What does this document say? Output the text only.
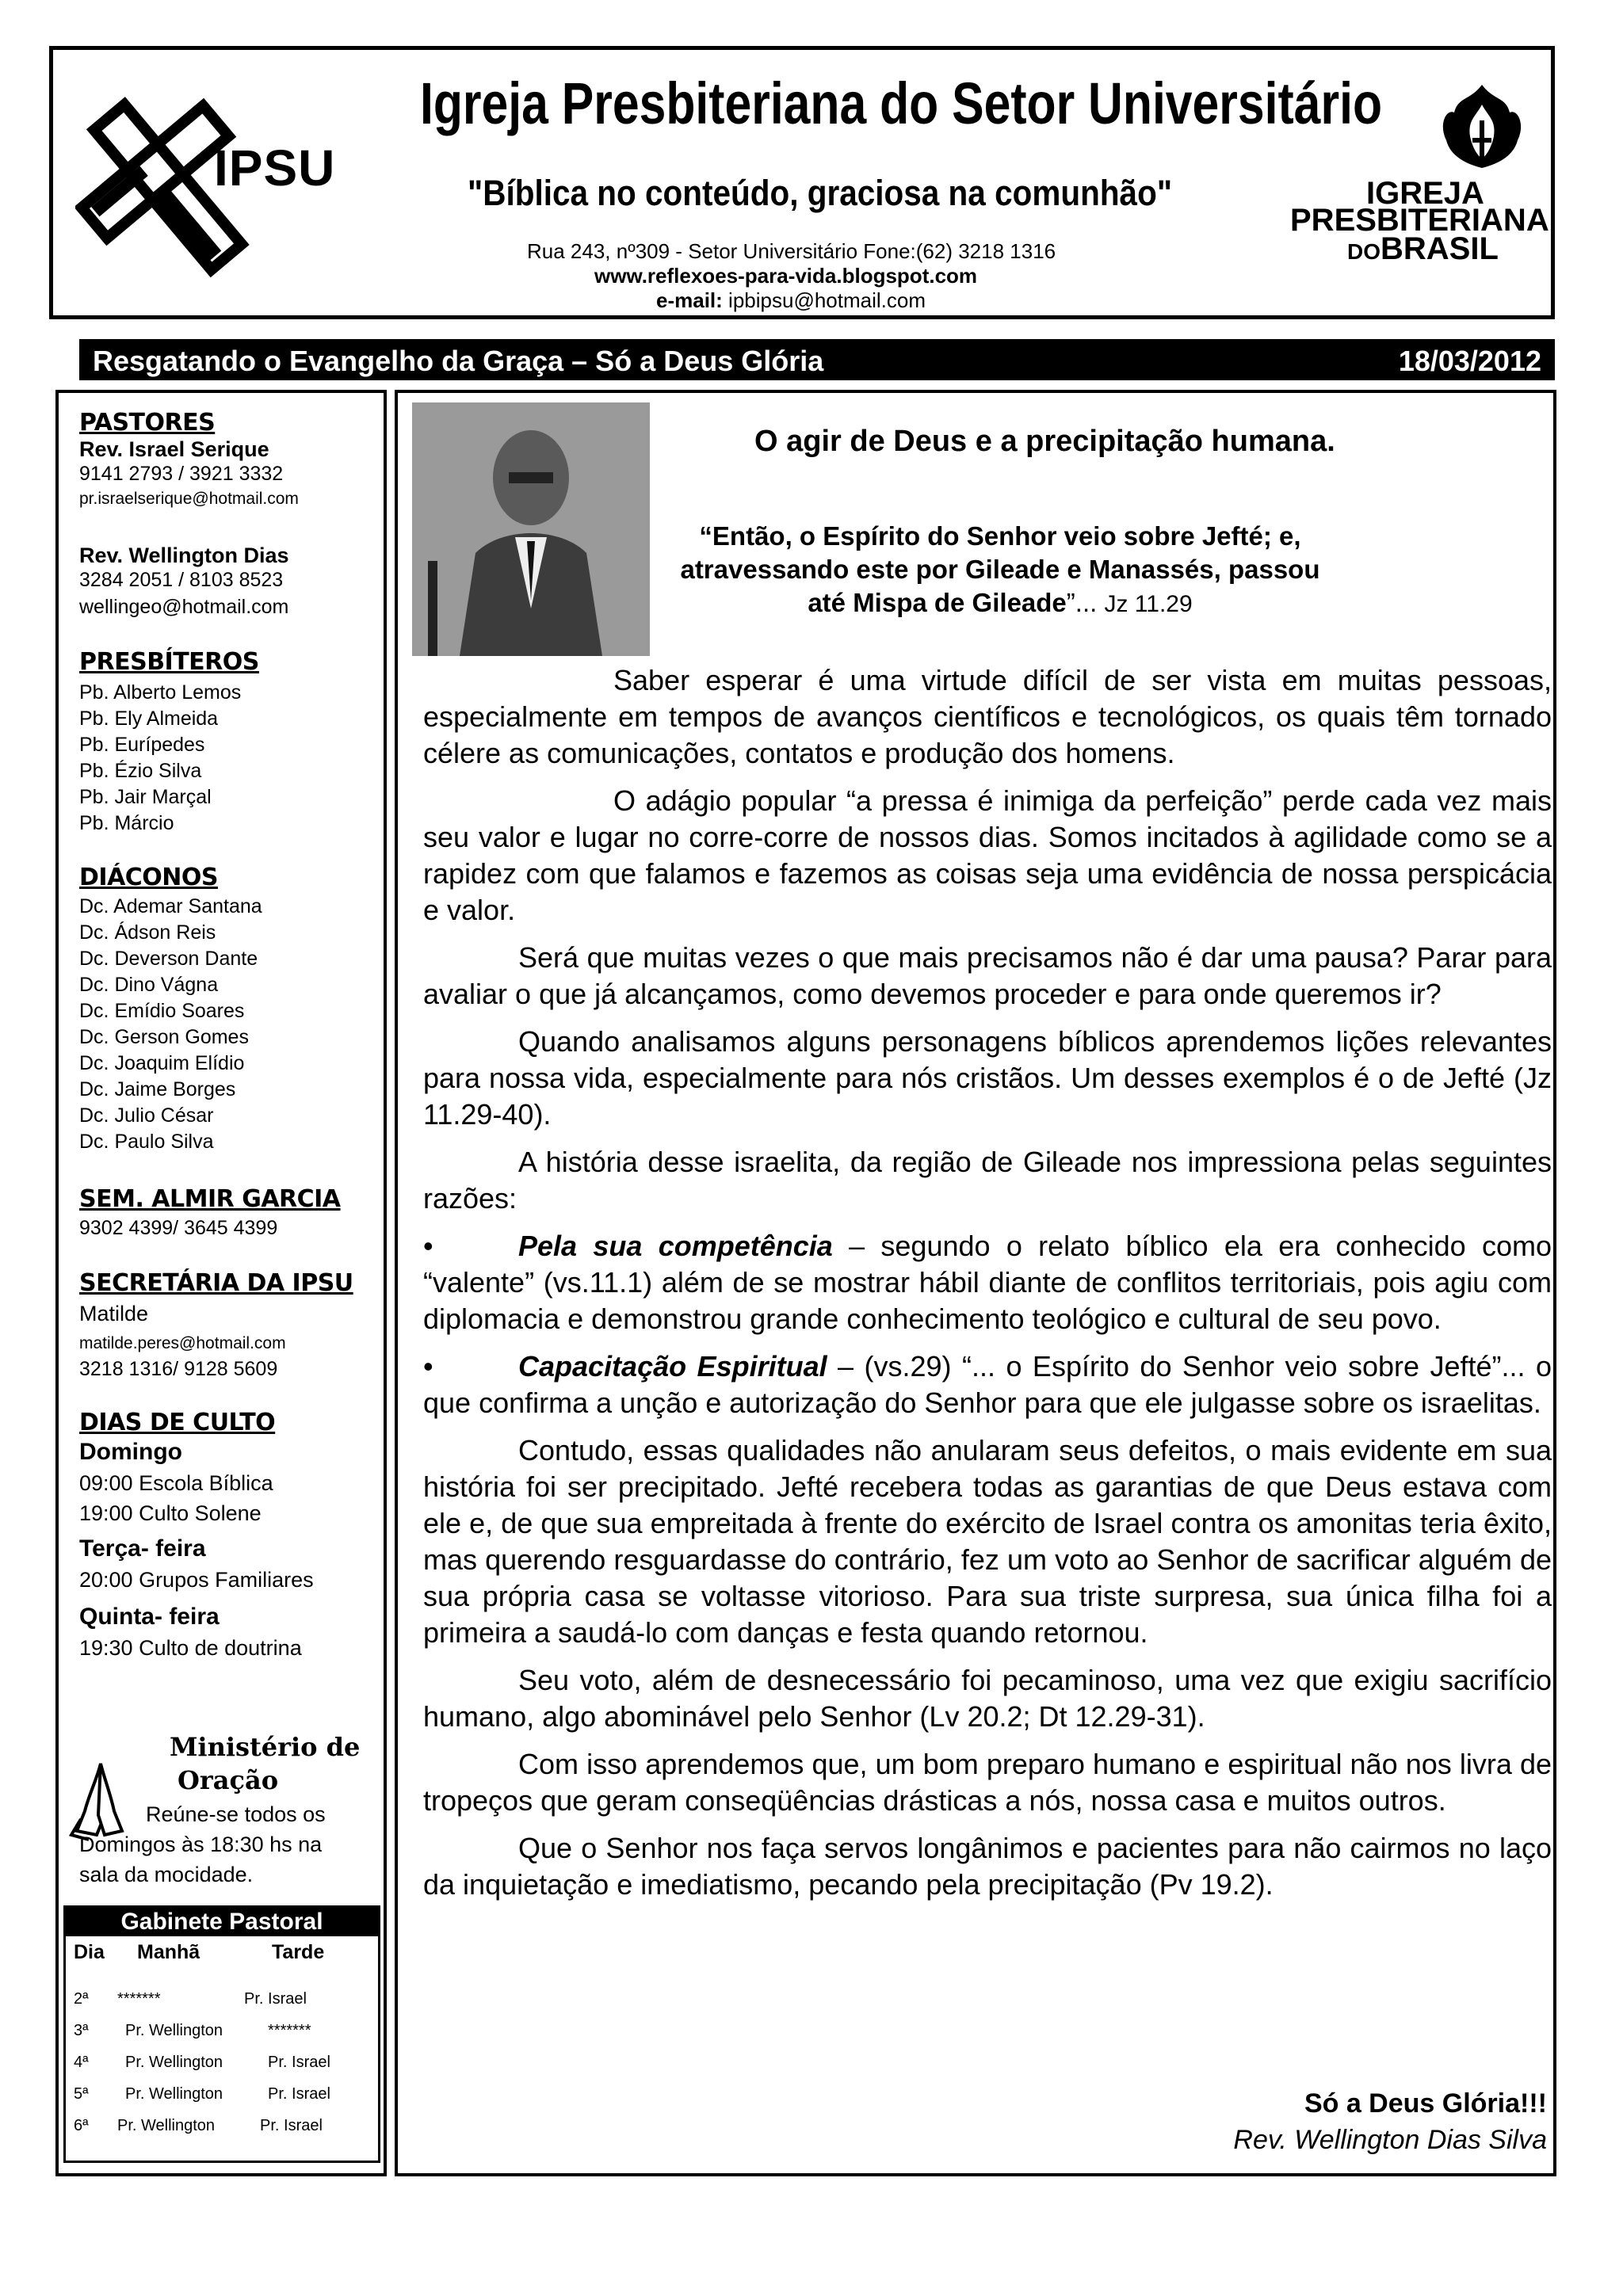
IPSU
Igreja Presbiteriana do Setor Universitário
"Bíblica no conteúdo, graciosa na comunhão"
Rua 243, nº309 - Setor Universitário Fone:(62) 3218 1316
www.reflexoes-para-vida.blogspot.com
e-mail: ipbipsu@hotmail.com
IGREJA
PRESBITERIANA
DOBRASIL
Resgatando o Evangelho da Graça – Só a Deus Glória	18/03/2012
PASTORES
Rev. Israel Serique
9141 2793 / 3921 3332
pr.israelserique@hotmail.com
Rev. Wellington Dias
3284 2051 / 8103 8523
wellingeo@hotmail.com
PRESBÍTEROS
Pb. Alberto Lemos
Pb. Ely Almeida
Pb. Eurípedes
Pb. Ézio Silva
Pb. Jair Marçal
Pb. Márcio
DIÁCONOS
Dc. Ademar Santana
Dc. Ádson Reis
Dc. Deverson Dante
Dc. Dino Vágna
Dc. Emídio Soares
Dc. Gerson Gomes
Dc. Joaquim Elídio
Dc. Jaime Borges
Dc. Julio César
Dc. Paulo Silva
SEM. ALMIR GARCIA
9302 4399/ 3645 4399
SECRETÁRIA DA IPSU
Matilde
matilde.peres@hotmail.com
3218 1316/ 9128 5609
DIAS DE CULTO
Domingo
09:00 Escola Bíblica
19:00 Culto Solene
Terça- feira
20:00 Grupos Familiares
Quinta- feira
19:30 Culto de doutrina
Ministério de
Oração
Reúne-se todos os
Domingos às 18:30 hs na
sala da mocidade.
Gabinete Pastoral
Dia Manhã	Tarde
2ª *******	Pr. Israel
3ª Pr. Wellington	*******
4ª Pr. Wellington	Pr. Israel
5ª Pr. Wellington	Pr. Israel
6ª Pr. Wellington	Pr. Israel
O agir de Deus e a precipitação humana.
“Então, o Espírito do Senhor veio sobre Jefté; e, atravessando este por Gileade e Manassés, passou até Mispa de Gileade”... Jz 11.29

Saber esperar é uma virtude difícil de ser vista em muitas pessoas, especialmente em tempos de avanços científicos e tecnológicos, os quais têm tornado célere as comunicações, contatos e produção dos homens.

O adágio popular “a pressa é inimiga da perfeição” perde cada vez mais seu valor e lugar no corre-corre de nossos dias. Somos incitados à agilidade como se a rapidez com que falamos e fazemos as coisas seja uma evidência de nossa perspicácia e valor.

Será que muitas vezes o que mais precisamos não é dar uma pausa? Parar para avaliar o que já alcançamos, como devemos proceder e para onde queremos ir?

Quando analisamos alguns personagens bíblicos aprendemos lições relevantes para nossa vida, especialmente para nós cristãos. Um desses exemplos é o de Jefté (Jz 11.29-40).

A história desse israelita, da região de Gileade nos impressiona pelas seguintes razões:

•	Pela sua competência – segundo o relato bíblico ela era conhecido como “valente” (vs.11.1) além de se mostrar hábil diante de conflitos territoriais, pois agiu com diplomacia e demonstrou grande conhecimento teológico e cultural de seu povo.

•	Capacitação Espiritual – (vs.29) “... o Espírito do Senhor veio sobre Jefté”... o que confirma a unção e autorização do Senhor para que ele julgasse sobre os israelitas.

Contudo, essas qualidades não anularam seus defeitos, o mais evidente em sua história foi ser precipitado. Jefté recebera todas as garantias de que Deus estava com ele e, de que sua empreitada à frente do exército de Israel contra os amonitas teria êxito, mas querendo resguardasse do contrário, fez um voto ao Senhor de sacrificar alguém de sua própria casa se voltasse vitorioso. Para sua triste surpresa, sua única filha foi a primeira a saudá-lo com danças e festa quando retornou.

Seu voto, além de desnecessário foi pecaminoso, uma vez que exigiu sacrifício humano, algo abominável pelo Senhor (Lv 20.2; Dt 12.29-31).

Com isso aprendemos que, um bom preparo humano e espiritual não nos livra de tropeços que geram conseqüências drásticas a nós, nossa casa e muitos outros.

Que o Senhor nos faça servos longânimos e pacientes para não cairmos no laço da inquietação e imediatismo, pecando pela precipitação (Pv 19.2).

Só a Deus Glória!!!
Rev. Wellington Dias Silva
